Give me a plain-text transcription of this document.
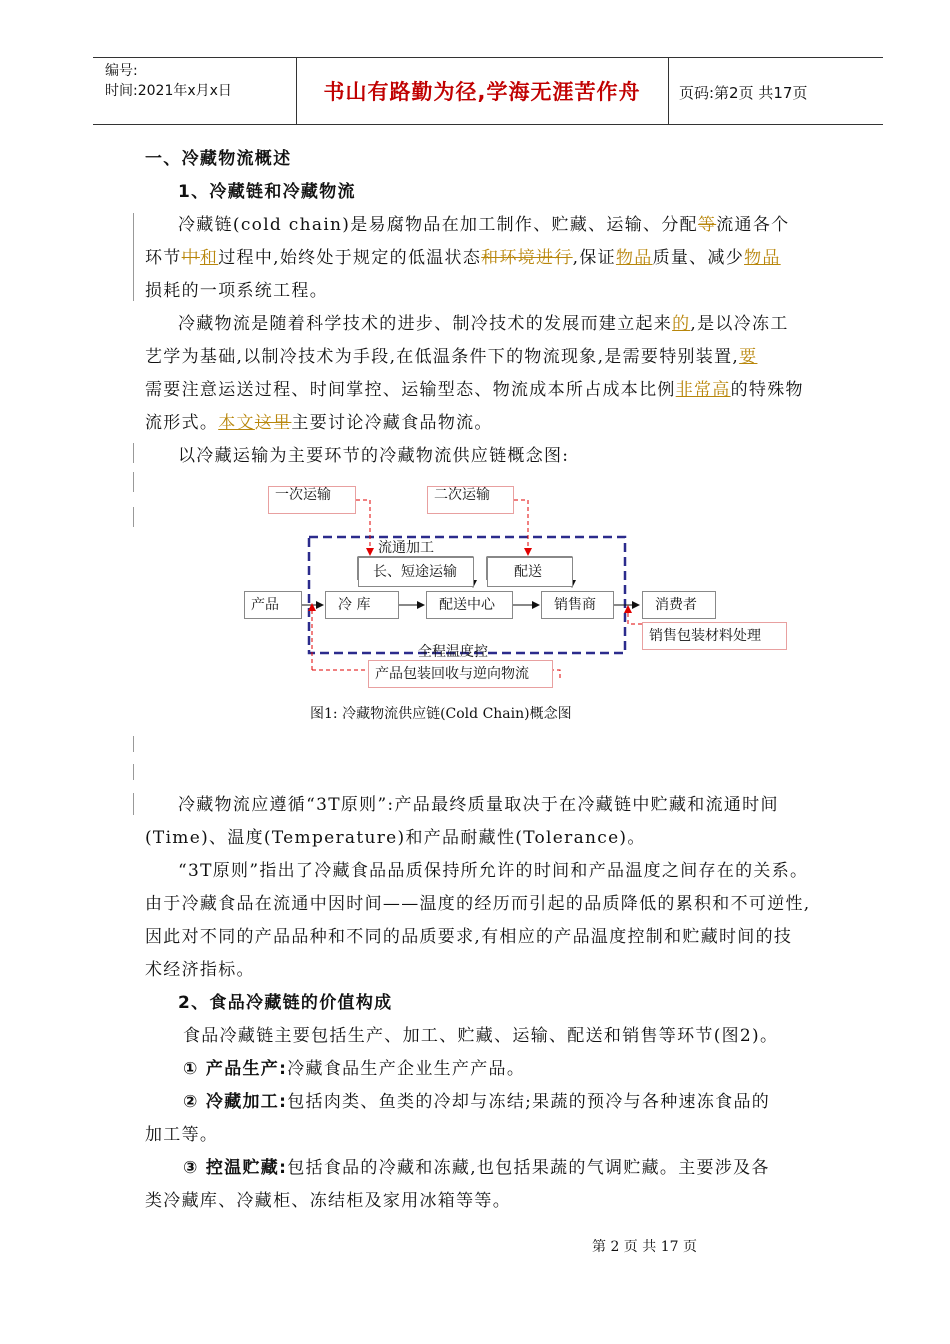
编号:
时间:2021年x月x日	书山有路勤为径,学海无涯苦作舟	页码:第2页 共17页
一、冷藏物流概述
1、冷藏链和冷藏物流
冷藏链(cold chain)是易腐物品在加工制作、贮藏、运输、分配等流通各个
环节中和过程中,始终处于规定的低温状态和环境进行,保证物品质量、减少物品
损耗的一项系统工程。
冷藏物流是随着科学技术的进步、制冷技术的发展而建立起来的,是以冷冻工
艺学为基础,以制冷技术为手段,在低温条件下的物流现象,是需要特别装置,要
需要注意运送过程、时间掌控、运输型态、物流成本所占成本比例非常高的特殊物
流形式。本文这里主要讨论冷藏食品物流。
以冷藏运输为主要环节的冷藏物流供应链概念图:
一次运输	二次运输
流通加工
长、短途运输	配送
产品	冷 库	配送中心	销售商	消费者
销售包装材料处理
全程温度控
产品包装回收与逆向物流
图1: 冷藏物流供应链(Cold Chain)概念图
冷藏物流应遵循“3T原则”:产品最终质量取决于在冷藏链中贮藏和流通时间
(Time)、温度(Temperature)和产品耐藏性(Tolerance)。
“3T原则”指出了冷藏食品品质保持所允许的时间和产品温度之间存在的关系。
由于冷藏食品在流通中因时间——温度的经历而引起的品质降低的累积和不可逆性,
因此对不同的产品品种和不同的品质要求,有相应的产品温度控制和贮藏时间的技
术经济指标。
2、食品冷藏链的价值构成
食品冷藏链主要包括生产、加工、贮藏、运输、配送和销售等环节(图2)。
① 产品生产:冷藏食品生产企业生产产品。
② 冷藏加工:包括肉类、鱼类的冷却与冻结;果蔬的预冷与各种速冻食品的
加工等。
③ 控温贮藏:包括食品的冷藏和冻藏,也包括果蔬的气调贮藏。主要涉及各
类冷藏库、冷藏柜、冻结柜及家用冰箱等等。
第 2 页 共 17 页
